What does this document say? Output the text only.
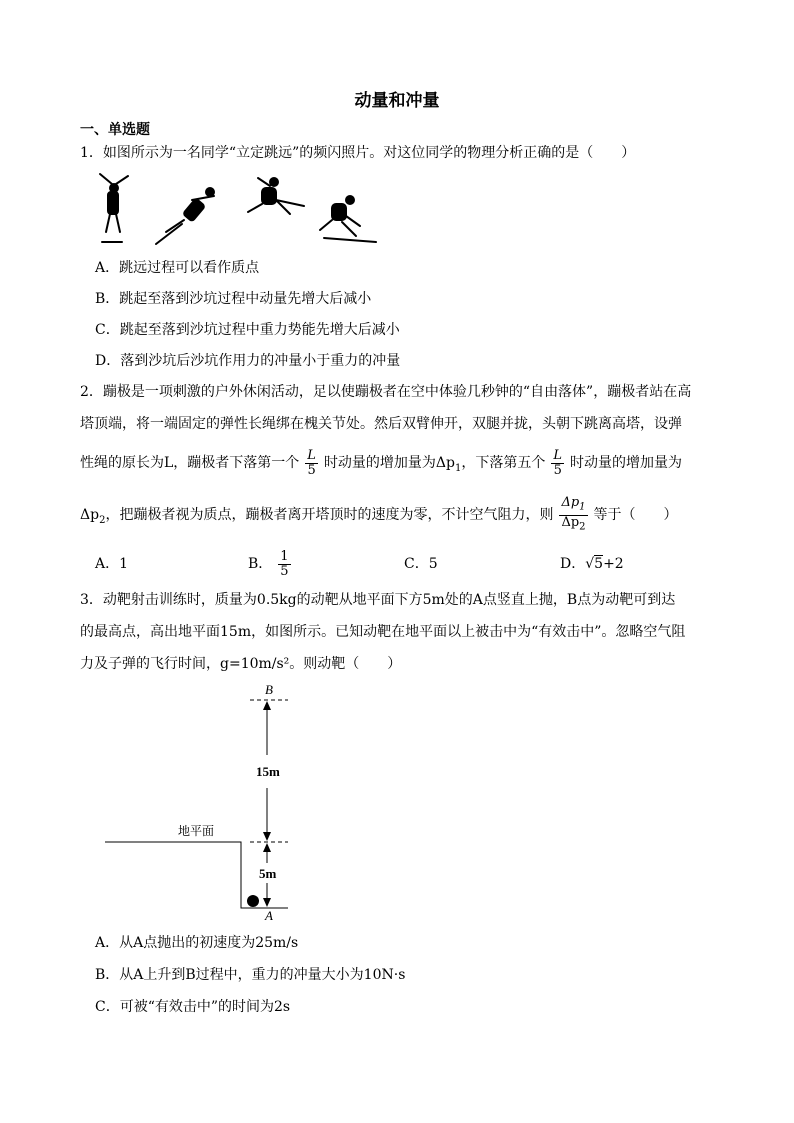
动量和冲量
一、单选题
1．如图所示为一名同学“立定跳远”的频闪照片。对这位同学的物理分析正确的是（　　）
A．跳远过程可以看作质点
B．跳起至落到沙坑过程中动量先增大后减小
C．跳起至落到沙坑过程中重力势能先增大后减小
D．落到沙坑后沙坑作用力的冲量小于重力的冲量
2．蹦极是一项刺激的户外休闲活动，足以使蹦极者在空中体验几秒钟的“自由落体”，蹦极者站在高
塔顶端，将一端固定的弹性长绳绑在槐关节处。然后双臂伸开，双腿并拢，头朝下跳离高塔，设弹
性绳的原长为L，蹦极者下落第一个 $\frac{L}{5}$ 时动量的增加量为$\Delta p_1$，下落第五个 $\frac{L}{5}$ 时动量的增加量为
$\Delta p_2$，把蹦极者视为质点，蹦极者离开塔顶时的速度为零，不计空气阻力，则 $\frac{\Delta p_1}{\Delta p_2}$ 等于（　　）
A．1	B． $\frac{1}{5}$	C．5	D．√5+2
3．动靶射击训练时，质量为0.5kg的动靶从地平面下方5m处的A点竖直上抛，B点为动靶可到达
的最高点，高出地平面15m，如图所示。已知动靶在地平面以上被击中为“有效击中”。忽略空气阻
力及子弹的飞行时间，g=10m/s²。则动靶（　　）
B
15m
5m
A
地平面
A．从A点抛出的初速度为25m/s
B．从A上升到B过程中，重力的冲量大小为10N·s
C．可被“有效击中”的时间为2s
